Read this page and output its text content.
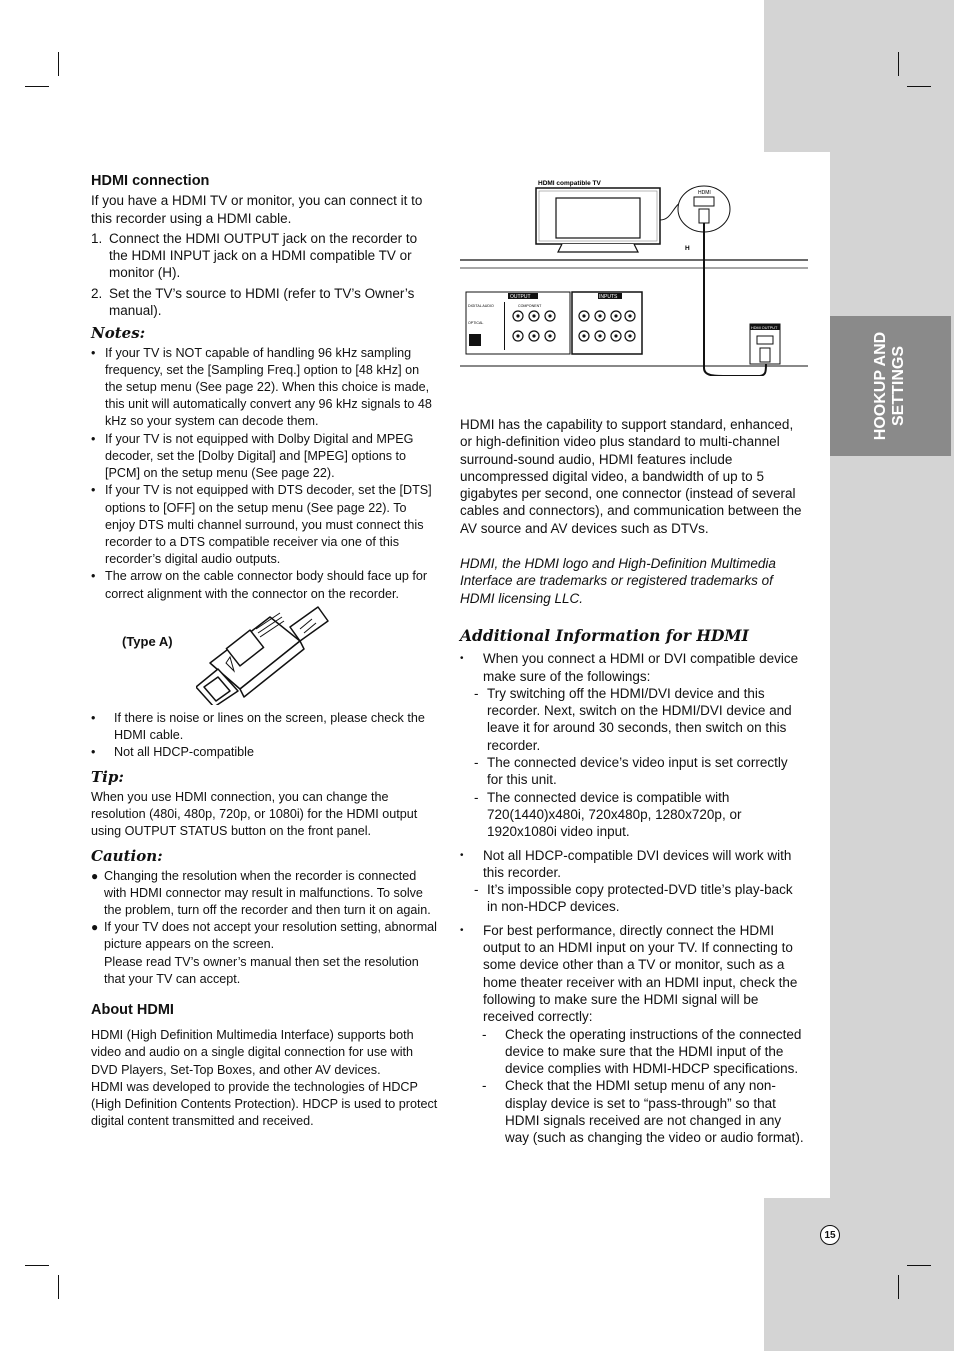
HOOKUP AND SETTINGS
15
HDMI connection

If you have a HDMI TV or monitor, you can connect it to this recorder using a HDMI cable.

1. Connect the HDMI OUTPUT jack on the recorder to the HDMI INPUT jack on a HDMI compatible TV or monitor (H).
2. Set the TV’s source to HDMI (refer to TV’s Owner’s manual).
Notes:
• If your TV is NOT capable of handling 96 kHz sampling frequency, set the [Sampling Freq.] option to [48 kHz] on the setup menu (See page 22). When this choice is made, this unit will automatically convert any 96 kHz signals to 48 kHz so your system can decode them.
• If your TV is not equipped with Dolby Digital and MPEG decoder, set the [Dolby Digital] and [MPEG] options to [PCM] on the setup menu (See page 22).
• If your TV is not equipped with DTS decoder, set the [DTS] options to [OFF] on the setup menu (See page 22). To enjoy DTS multi channel surround, you must connect this recorder to a DTS compatible receiver via one of this recorder’s digital audio outputs.
• The arrow on the cable connector body should face up for correct alignment with the connector on the recorder.
(Type A)
• If there is noise or lines on the screen, please check the HDMI cable.
• Not all HDCP-compatible
Tip:

When you use HDMI connection, you can change the resolution (480i, 480p, 720p, or 1080i) for the HDMI output using OUTPUT STATUS button on the front panel.

Caution:
● Changing the resolution when the recorder is connected with HDMI connector may result in malfunctions. To solve the problem, turn off the recorder and then turn it on again.
● If your TV does not accept your resolution setting, abnormal picture appears on the screen.
Please read TV’s owner’s manual then set the resolution that your TV can accept.
About HDMI

HDMI (High Definition Multimedia Interface) supports both video and audio on a single digital connection for use with DVD Players, Set-Top Boxes, and other AV devices.

HDMI was developed to provide the technologies of HDCP (High Definition Contents Protection). HDCP is used to protect digital content transmitted and received.

HDMI compatible TV
HDMI
H
OUTPUT
DIGITAL AUDIO
OPTICAL
COMPONENT
INPUTS
HDMI OUTPUT

HDMI has the capability to support standard, enhanced, or high-definition video plus standard to multi-channel surround-sound audio, HDMI features include uncompressed digital video, a bandwidth of up to 5 gigabytes per second, one connector (instead of several cables and connectors), and communication between the AV source and AV devices such as DTVs.

HDMI, the HDMI logo and High-Definition Multimedia Interface are trademarks or registered trademarks of HDMI licensing LLC.

Additional Information for HDMI
• When you connect a HDMI or DVI compatible device make sure of the followings:
- Try switching off the HDMI/DVI device and this recorder. Next, switch on the HDMI/DVI device and leave it for around 30 seconds, then switch on this recorder.
- The connected device’s video input is set correctly for this unit.
- The connected device is compatible with 720(1440)x480i, 720x480p, 1280x720p, or 1920x1080i video input.
• Not all HDCP-compatible DVI devices will work with this recorder.
- It’s impossible copy protected-DVD title’s play-back in non-HDCP devices.
• For best performance, directly connect the HDMI output to an HDMI input on your TV. If connecting to some device other than a TV or monitor, such as a home theater receiver with an HDMI input, check the following to make sure the HDMI signal will be received correctly:
- Check the operating instructions of the connected device to make sure that the HDMI input of the device complies with HDMI-HDCP specifications.
- Check that the HDMI setup menu of any non-display device is set to “pass-through” so that HDMI signals received are not changed in any way (such as changing the video or audio format).
